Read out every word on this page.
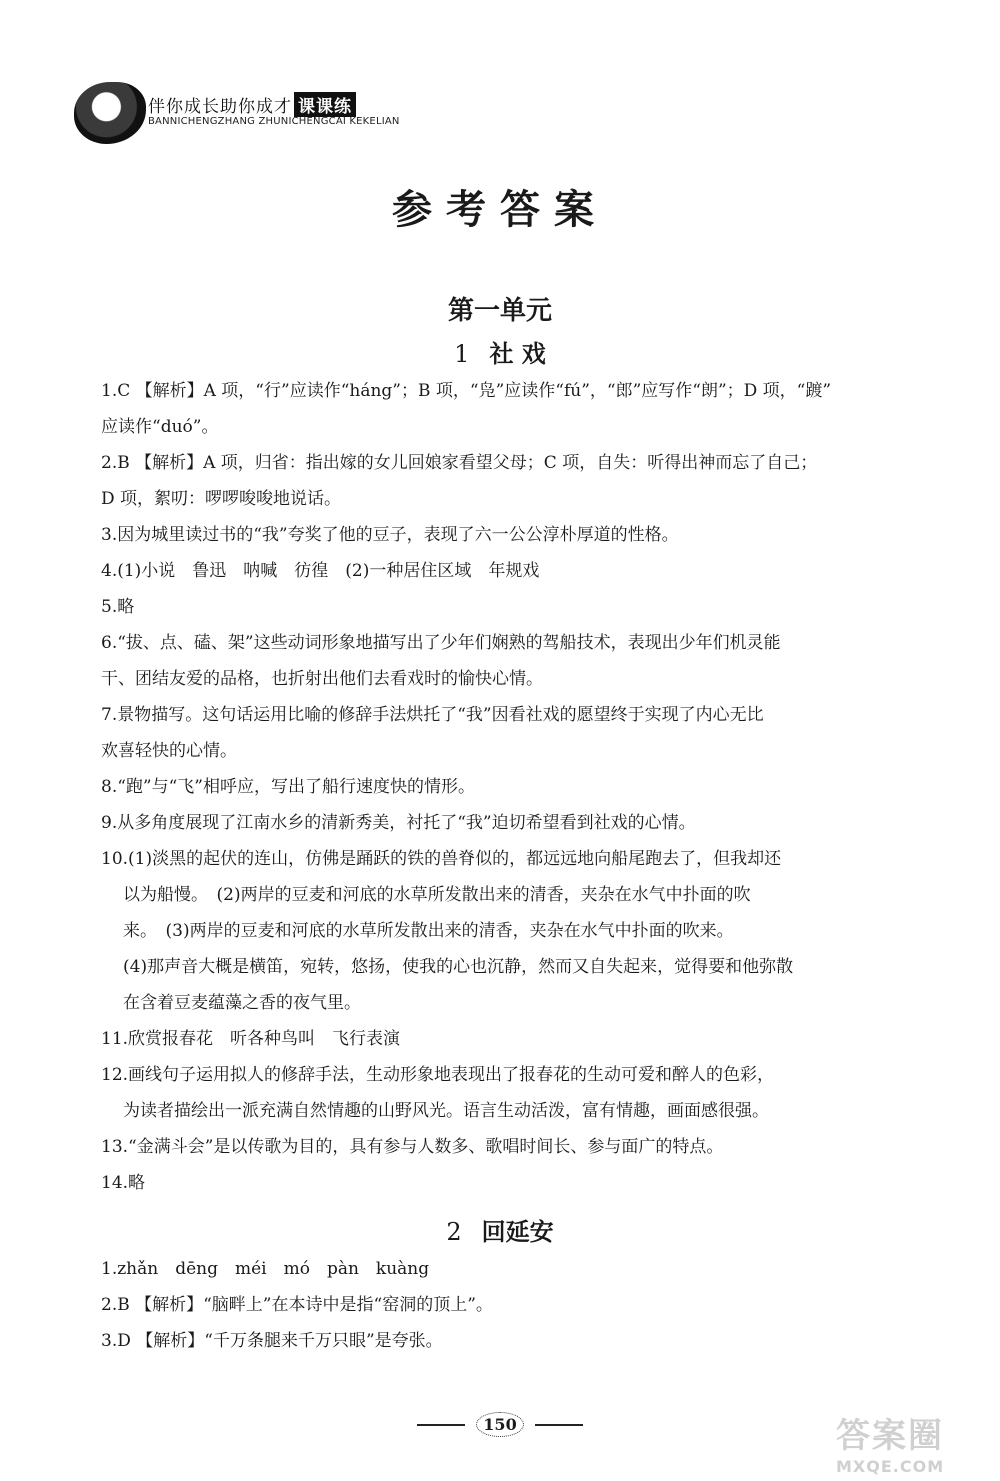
伴你成长助你成才 课课练
BANNICHENGZHANG ZHUNICHENGCAI KEKELIAN
参考答案
第一单元
1 社 戏
1.C 【解析】A 项，“行”应读作“háng”；B 项，“凫”应读作“fú”，“郎”应写作“朗”；D 项，“踱”
应读作“duó”。
2.B 【解析】A 项，归省：指出嫁的女儿回娘家看望父母；C 项，自失：听得出神而忘了自己；
D 项，絮叨：啰啰唆唆地说话。
3.因为城里读过书的“我”夸奖了他的豆子，表现了六一公公淳朴厚道的性格。
4.(1)小说　鲁迅　呐喊　彷徨　(2)一种居住区域　年规戏
5.略
6.“拔、点、磕、架”这些动词形象地描写出了少年们娴熟的驾船技术，表现出少年们机灵能
干、团结友爱的品格，也折射出他们去看戏时的愉快心情。
7.景物描写。这句话运用比喻的修辞手法烘托了“我”因看社戏的愿望终于实现了内心无比
欢喜轻快的心情。
8.“跑”与“飞”相呼应，写出了船行速度快的情形。
9.从多角度展现了江南水乡的清新秀美，衬托了“我”迫切希望看到社戏的心情。
10.(1)淡黑的起伏的连山，仿佛是踊跃的铁的兽脊似的，都远远地向船尾跑去了，但我却还
以为船慢。　(2)两岸的豆麦和河底的水草所发散出来的清香，夹杂在水气中扑面的吹
来。　(3)两岸的豆麦和河底的水草所发散出来的清香，夹杂在水气中扑面的吹来。
(4)那声音大概是横笛，宛转，悠扬，使我的心也沉静，然而又自失起来，觉得要和他弥散
在含着豆麦蕴藻之香的夜气里。
11.欣赏报春花　听各种鸟叫　飞行表演
12.画线句子运用拟人的修辞手法，生动形象地表现出了报春花的生动可爱和醉人的色彩，
为读者描绘出一派充满自然情趣的山野风光。语言生动活泼，富有情趣，画面感很强。
13.“金满斗会”是以传歌为目的，具有参与人数多、歌唱时间长、参与面广的特点。
14.略
2 回延安
1.zhǎn　dēng　méi　mó　pàn　kuàng
2.B 【解析】“脑畔上”在本诗中是指“窑洞的顶上”。
3.D 【解析】“千万条腿来千万只眼”是夸张。
150	答案圈
MXQE.COM
